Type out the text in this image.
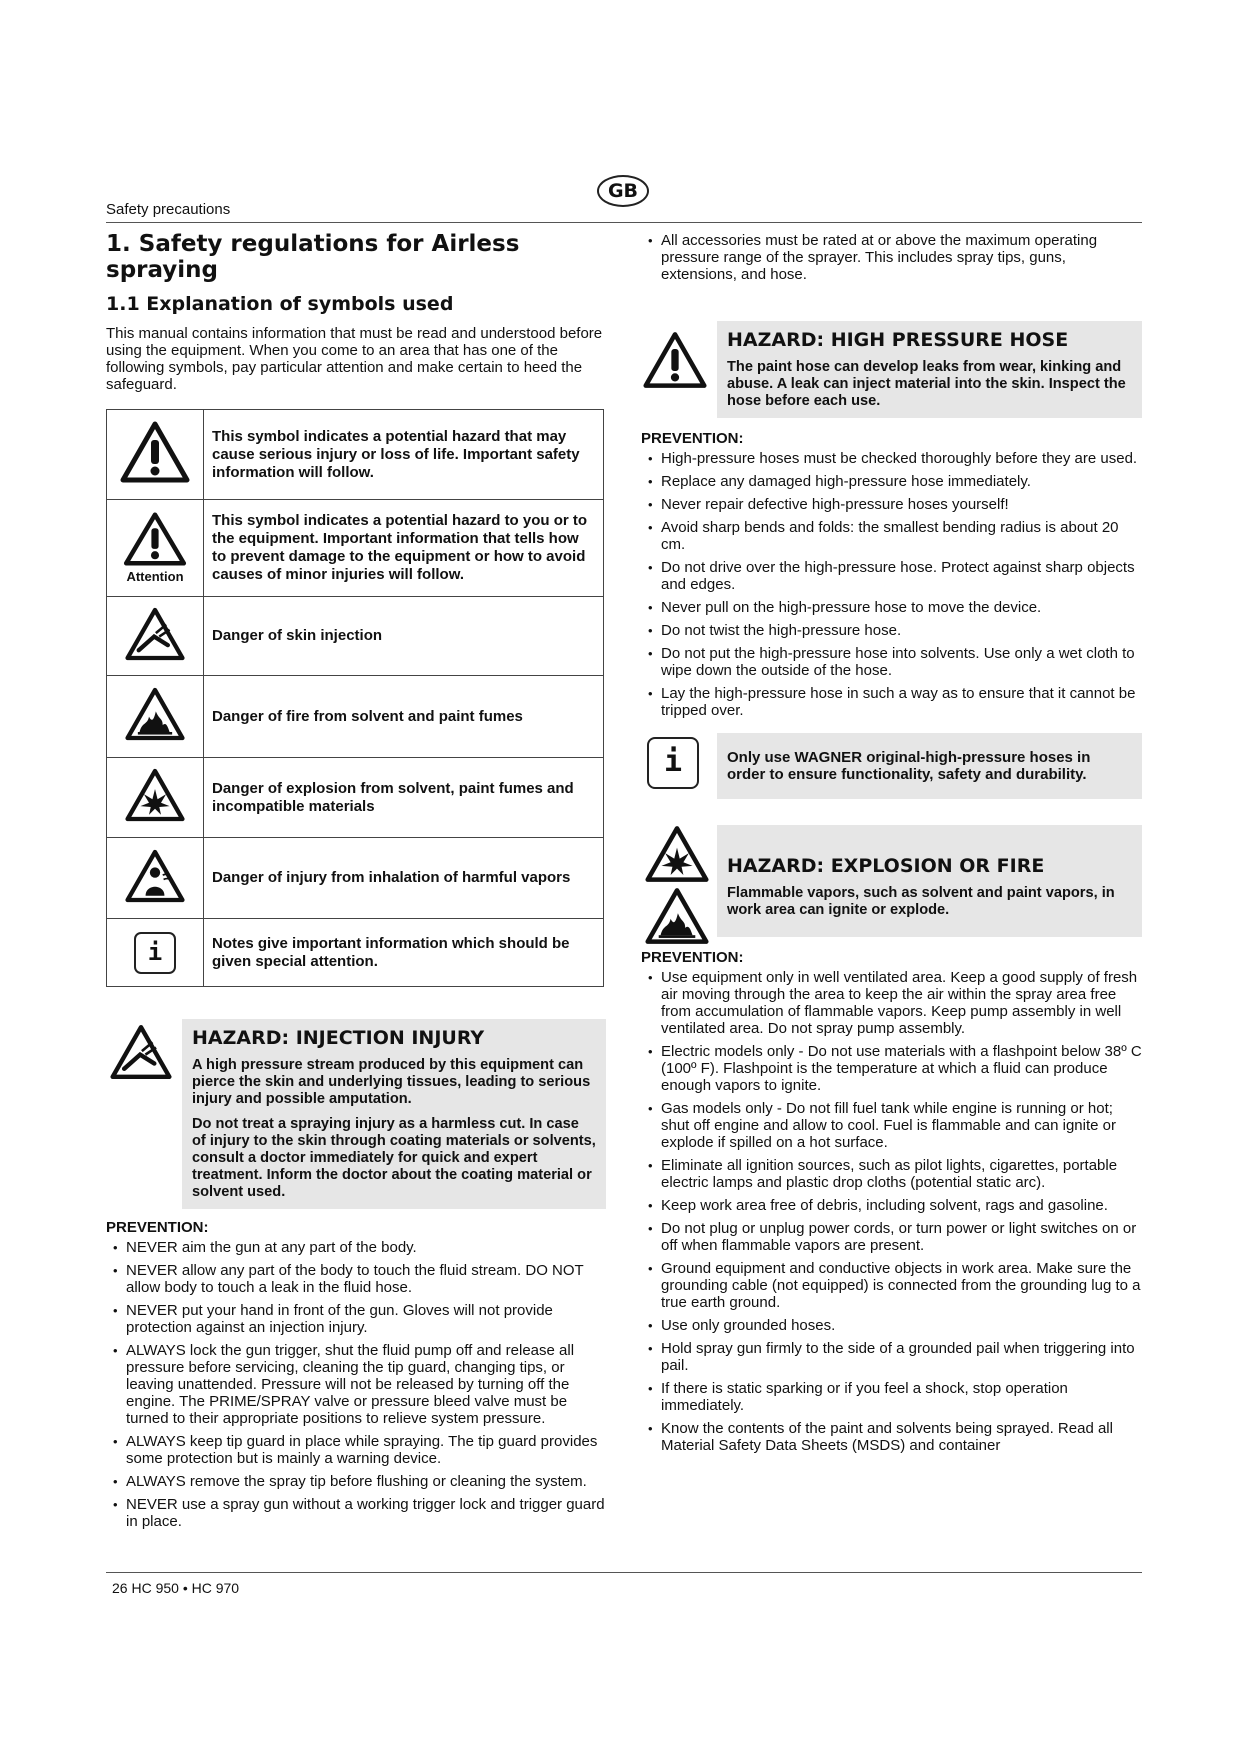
GB
Safety precautions
1. Safety regulations for Airless spraying
1.1 Explanation of symbols used

This manual contains information that must be read and understood before using the equipment. When you come to an area that has one of the following symbols, pay particular attention and make certain to heed the safeguard.

	This symbol indicates a potential hazard that may cause serious injury or loss of life. Important safety information will follow.

Attention	This symbol indicates a potential hazard to you or to the equipment. Important information that tells how to prevent damage to the equipment or how to avoid causes of minor injuries will follow.
	Danger of skin injection
	Danger of fire from solvent and paint fumes
	Danger of explosion from solvent, paint fumes and incompatible materials
	Danger of injury from inhalation of harmful vapors

i	Notes give important information which should be given special attention.
HAZARD: INJECTION INJURY

A high pressure stream produced by this equipment can pierce the skin and underlying tissues, leading to serious injury and possible amputation.

Do not treat a spraying injury as a harmless cut. In case of injury to the skin through coating materials or solvents, consult a doctor immediately for quick and expert treatment. Inform the doctor about the coating material or solvent used.

PREVENTION:
• NEVER aim the gun at any part of the body.
• NEVER allow any part of the body to touch the fluid stream. DO NOT allow body to touch a leak in the fluid hose.
• NEVER put your hand in front of the gun. Gloves will not provide protection against an injection injury.
• ALWAYS lock the gun trigger, shut the fluid pump off and release all pressure before servicing, cleaning the tip guard, changing tips, or leaving unattended. Pressure will not be released by turning off the engine. The PRIME/SPRAY valve or pressure bleed valve must be turned to their appropriate positions to relieve system pressure.
• ALWAYS keep tip guard in place while spraying. The tip guard provides some protection but is mainly a warning device.
• ALWAYS remove the spray tip before flushing or cleaning the system.
• NEVER use a spray gun without a working trigger lock and trigger guard in place.
• All accessories must be rated at or above the maximum operating pressure range of the sprayer. This includes spray tips, guns, extensions, and hose.
HAZARD: HIGH PRESSURE HOSE

The paint hose can develop leaks from wear, kinking and abuse. A leak can inject material into the skin. Inspect the hose before each use.

PREVENTION:
• High-pressure hoses must be checked thoroughly before they are used.
• Replace any damaged high-pressure hose immediately.
• Never repair defective high-pressure hoses yourself!
• Avoid sharp bends and folds: the smallest bending radius is about 20 cm.
• Do not drive over the high-pressure hose. Protect against sharp objects and edges.
• Never pull on the high-pressure hose to move the device.
• Do not twist the high-pressure hose.
• Do not put the high-pressure hose into solvents. Use only a wet cloth to wipe down the outside of the hose.
• Lay the high-pressure hose in such a way as to ensure that it cannot be tripped over.
i	Only use WAGNER original-high-pressure hoses in order to ensure functionality, safety and durability.
HAZARD: EXPLOSION OR FIRE

Flammable vapors, such as solvent and paint vapors, in work area can ignite or explode.

PREVENTION:
• Use equipment only in well ventilated area. Keep a good supply of fresh air moving through the area to keep the air within the spray area free from accumulation of flammable vapors. Keep pump assembly in well ventilated area. Do not spray pump assembly.
• Electric models only - Do not use materials with a flashpoint below 38º C (100º F). Flashpoint is the temperature at which a fluid can produce enough vapors to ignite.
• Gas models only - Do not fill fuel tank while engine is running or hot; shut off engine and allow to cool. Fuel is flammable and can ignite or explode if spilled on a hot surface.
• Eliminate all ignition sources, such as pilot lights, cigarettes, portable electric lamps and plastic drop cloths (potential static arc).
• Keep work area free of debris, including solvent, rags and gasoline.
• Do not plug or unplug power cords, or turn power or light switches on or off when flammable vapors are present.
• Ground equipment and conductive objects in work area. Make sure the grounding cable (not equipped) is connected from the grounding lug to a true earth ground.
• Use only grounded hoses.
• Hold spray gun firmly to the side of a grounded pail when triggering into pail.
• If there is static sparking or if you feel a shock, stop operation immediately.
• Know the contents of the paint and solvents being sprayed. Read all Material Safety Data Sheets (MSDS) and container
26 HC 950 • HC 970
